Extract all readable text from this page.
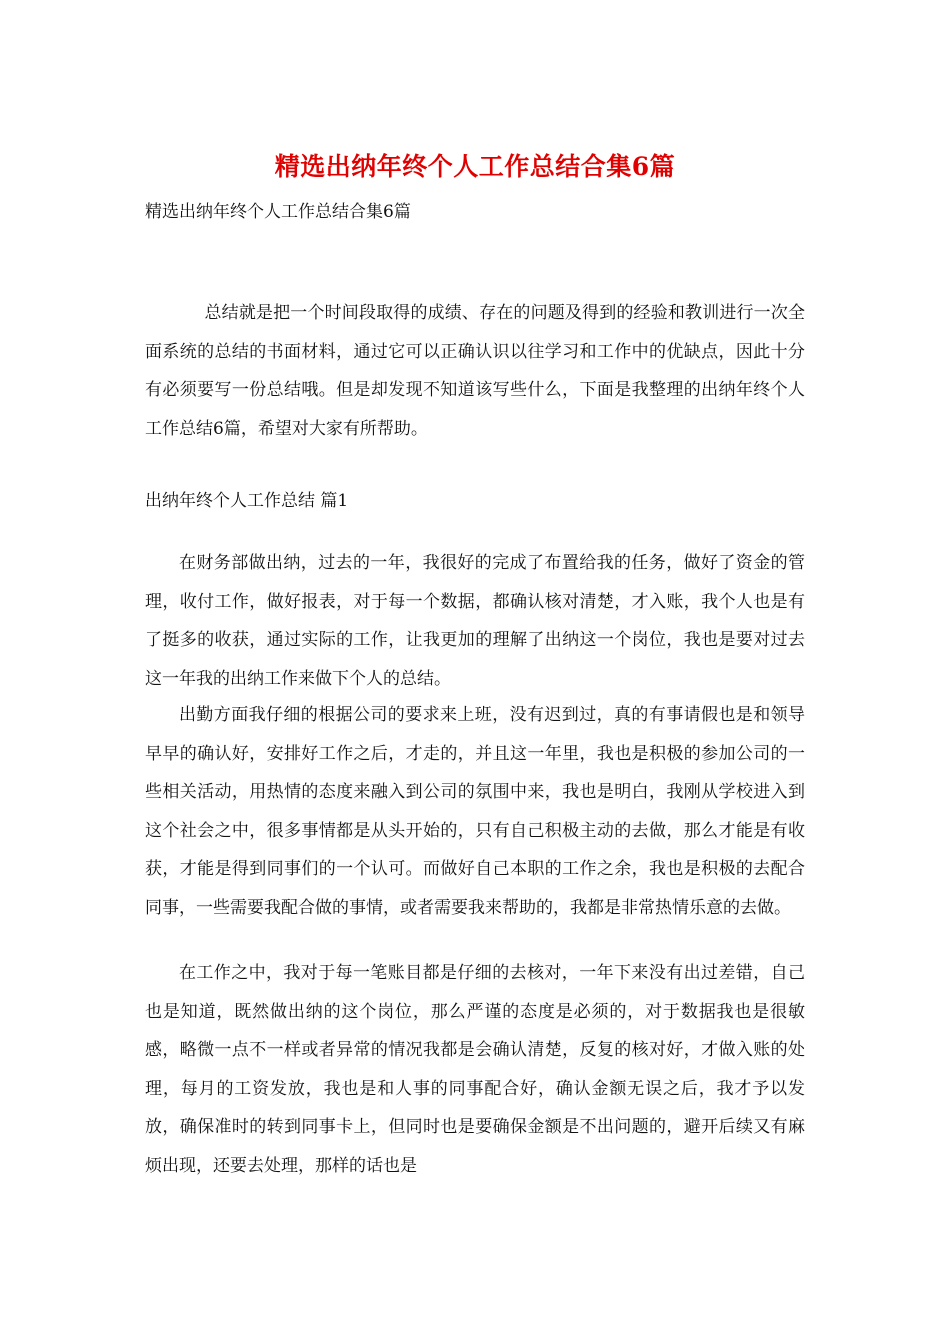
精选出纳年终个人工作总结合集6篇

精选出纳年终个人工作总结合集6篇

总结就是把一个时间段取得的成绩、存在的问题及得到的经验和教训进行一次全面系统的总结的书面材料，通过它可以正确认识以往学习和工作中的优缺点，因此十分有必须要写一份总结哦。但是却发现不知道该写些什么，下面是我整理的出纳年终个人工作总结6篇，希望对大家有所帮助。

出纳年终个人工作总结 篇1

在财务部做出纳，过去的一年，我很好的完成了布置给我的任务，做好了资金的管理，收付工作，做好报表，对于每一个数据，都确认核对清楚，才入账，我个人也是有了挺多的收获，通过实际的工作，让我更加的理解了出纳这一个岗位，我也是要对过去这一年我的出纳工作来做下个人的总结。

出勤方面我仔细的根据公司的要求来上班，没有迟到过，真的有事请假也是和领导早早的确认好，安排好工作之后，才走的，并且这一年里，我也是积极的参加公司的一些相关活动，用热情的态度来融入到公司的氛围中来，我也是明白，我刚从学校进入到这个社会之中，很多事情都是从头开始的，只有自己积极主动的去做，那么才能是有收获，才能是得到同事们的一个认可。而做好自己本职的工作之余，我也是积极的去配合同事，一些需要我配合做的事情，或者需要我来帮助的，我都是非常热情乐意的去做。

在工作之中，我对于每一笔账目都是仔细的去核对，一年下来没有出过差错，自己也是知道，既然做出纳的这个岗位，那么严谨的态度是必须的，对于数据我也是很敏感，略微一点不一样或者异常的情况我都是会确认清楚，反复的核对好，才做入账的处理，每月的工资发放，我也是和人事的同事配合好，确认金额无误之后，我才予以发放，确保准时的转到同事卡上，但同时也是要确保金额是不出问题的，避开后续又有麻烦出现，还要去处理，那样的话也是
